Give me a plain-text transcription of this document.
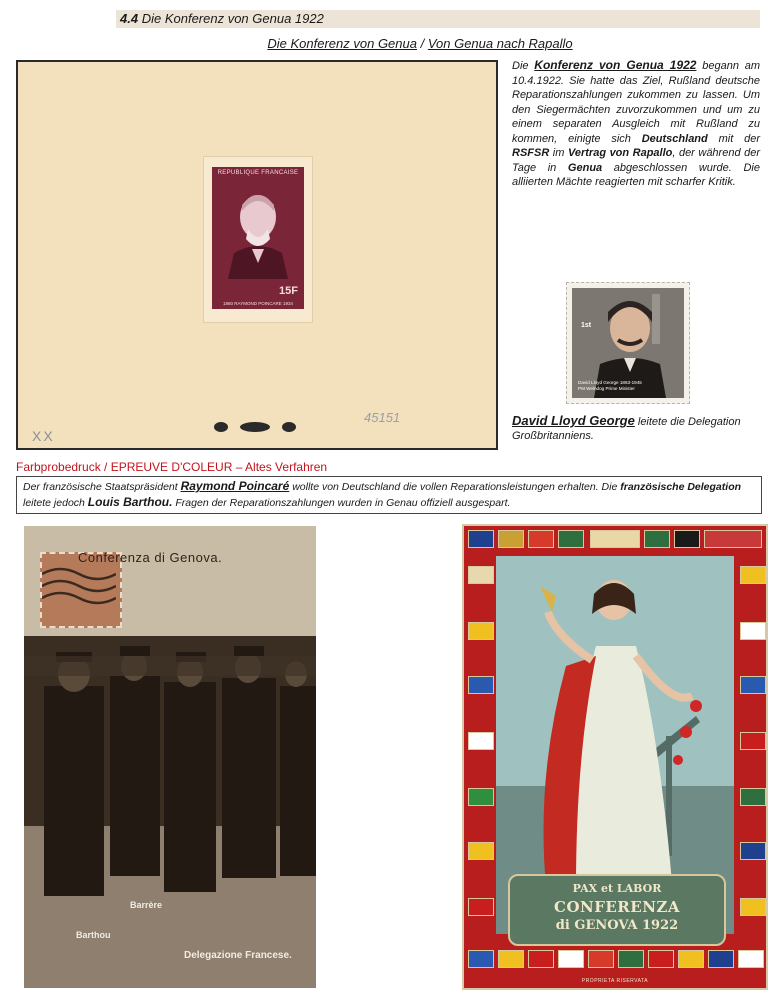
4.4 Die Konferenz von Genua 1922
Die Konferenz von Genua / Von Genua nach Rapallo
REPUBLIQUE FRANCAISE
15F
1860 RAYMOND POINCARE 1934
XX
45151
Die Konferenz von Genua 1922 begann am 10.4.1922. Sie hatte das Ziel, Rußland deutsche Reparationszahlungen zukommen zu lassen. Um den Siegermächten zuvorzukommen und um zu einem separaten Ausgleich mit Rußland zu kommen, einigte sich Deutschland mit der RSFSR im Vertrag von Rapallo, der während der Tage in Genua abgeschlossen wurde. Die alliierten Mächte reagierten mit scharfer Kritik.
1st
David Lloyd George 1863-1945
PM Welndog Prime Minister
David Lloyd George leitete die Delegation Großbritanniens.
Farbprobedruck / EPREUVE D'COLEUR – Altes Verfahren
Der französische Staatspräsident Raymond Poincaré wollte von Deutschland die vollen Reparationsleistungen erhalten. Die französische Delegation leitete jedoch Louis Barthou. Fragen der Reparationszahlungen wurden in Genau offiziell ausgespart.
Conferenza di Genova.
Barrère
Barthou
Delegazione Francese.
PAX et LABOR
CONFERENZA
di GENOVA 1922
PROPRIETA RISERVATA
